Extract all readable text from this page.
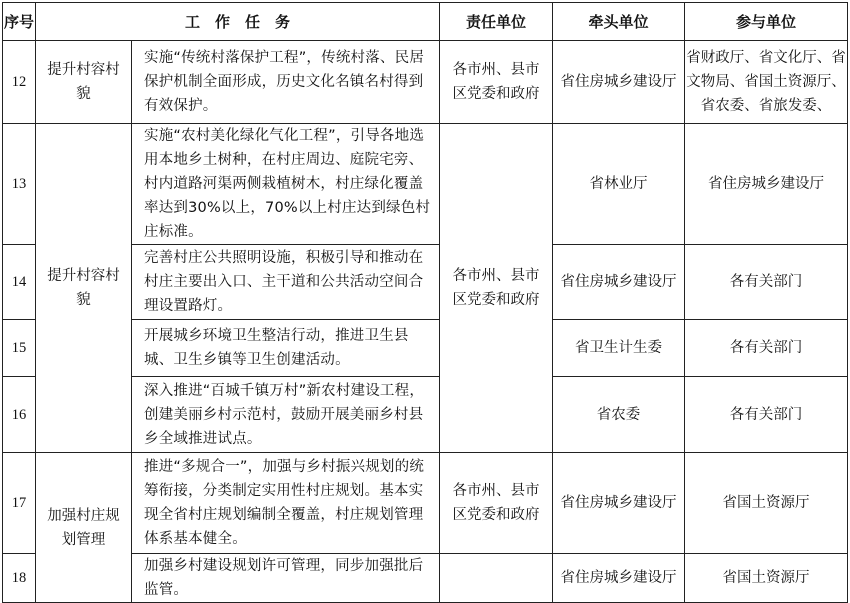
序号	工　作　任　务		责任单位	牵头单位	参与单位
12	提升村容村　貌	实施“传统村落保护工程”，传统村落、民居保护机制全面形成，历史文化名镇名村得到有效保护。	各市州、县市区党委和政府	省住房城乡建设厅	省财政厅、省文化厅、省文物局、省国土资源厅、省农委、省旅发委、
13	提升村容村　貌	实施“农村美化绿化气化工程”，引导各地选用本地乡土树种，在村庄周边、庭院宅旁、村内道路河渠两侧栽植树木，村庄绿化覆盖率达到30%以上，70%以上村庄达到绿色村庄标准。	各市州、县市区党委和政府	省林业厅	省住房城乡建设厅
14		完善村庄公共照明设施，积极引导和推动在村庄主要出入口、主干道和公共活动空间合理设置路灯。		省住房城乡建设厅	各有关部门
15		开展城乡环境卫生整洁行动，推进卫生县城、卫生乡镇等卫生创建活动。		省卫生计生委	各有关部门
16		深入推进“百城千镇万村”新农村建设工程，创建美丽乡村示范村，鼓励开展美丽乡村县乡全域推进试点。		省农委	各有关部门
17	加强村庄规划管理	推进“多规合一”，加强与乡村振兴规划的统筹衔接，分类制定实用性村庄规划。基本实现全省村庄规划编制全覆盖，村庄规划管理体系基本健全。	各市州、县市区党委和政府	省住房城乡建设厅	省国土资源厅
18		加强乡村建设规划许可管理，同步加强批后监管。		省住房城乡建设厅	省国土资源厅
